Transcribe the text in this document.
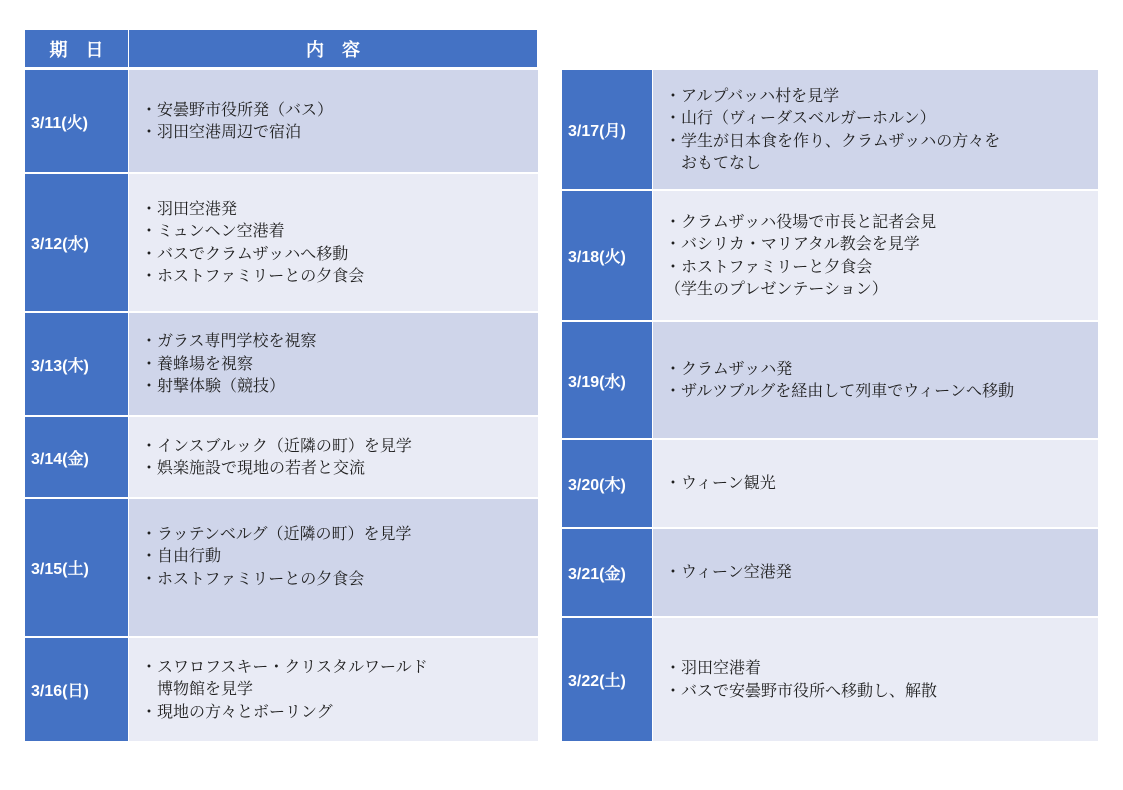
期　日	内　容
3/11(火)
・安曇野市役所発（バス）
・羽田空港周辺で宿泊
3/12(水)
・羽田空港発
・ミュンヘン空港着
・バスでクラムザッハへ移動
・ホストファミリーとの夕食会
3/13(木)
・ガラス専門学校を視察
・養蜂場を視察
・射撃体験（競技）
3/14(金)
・インスブルック（近隣の町）を見学
・娯楽施設で現地の若者と交流
3/15(土)
・ラッテンベルグ（近隣の町）を見学
・自由行動
・ホストファミリーとの夕食会

3/16(日)
・スワロフスキー・クリスタルワールド
　博物館を見学
・現地の方々とボーリング
3/17(月)
・アルプバッハ村を見学
・山行（ヴィーダスベルガーホルン）
・学生が日本食を作り、クラムザッハの方々を
　おもてなし
3/18(火)
・クラムザッハ役場で市長と記者会見
・バシリカ・マリアタル教会を見学
・ホストファミリーと夕食会
（学生のプレゼンテーション）
3/19(水)
・クラムザッハ発
・ザルツブルグを経由して列車でウィーンへ移動
3/20(木)	・ウィーン観光
3/21(金)	・ウィーン空港発
3/22(土)
・羽田空港着
・バスで安曇野市役所へ移動し、解散
